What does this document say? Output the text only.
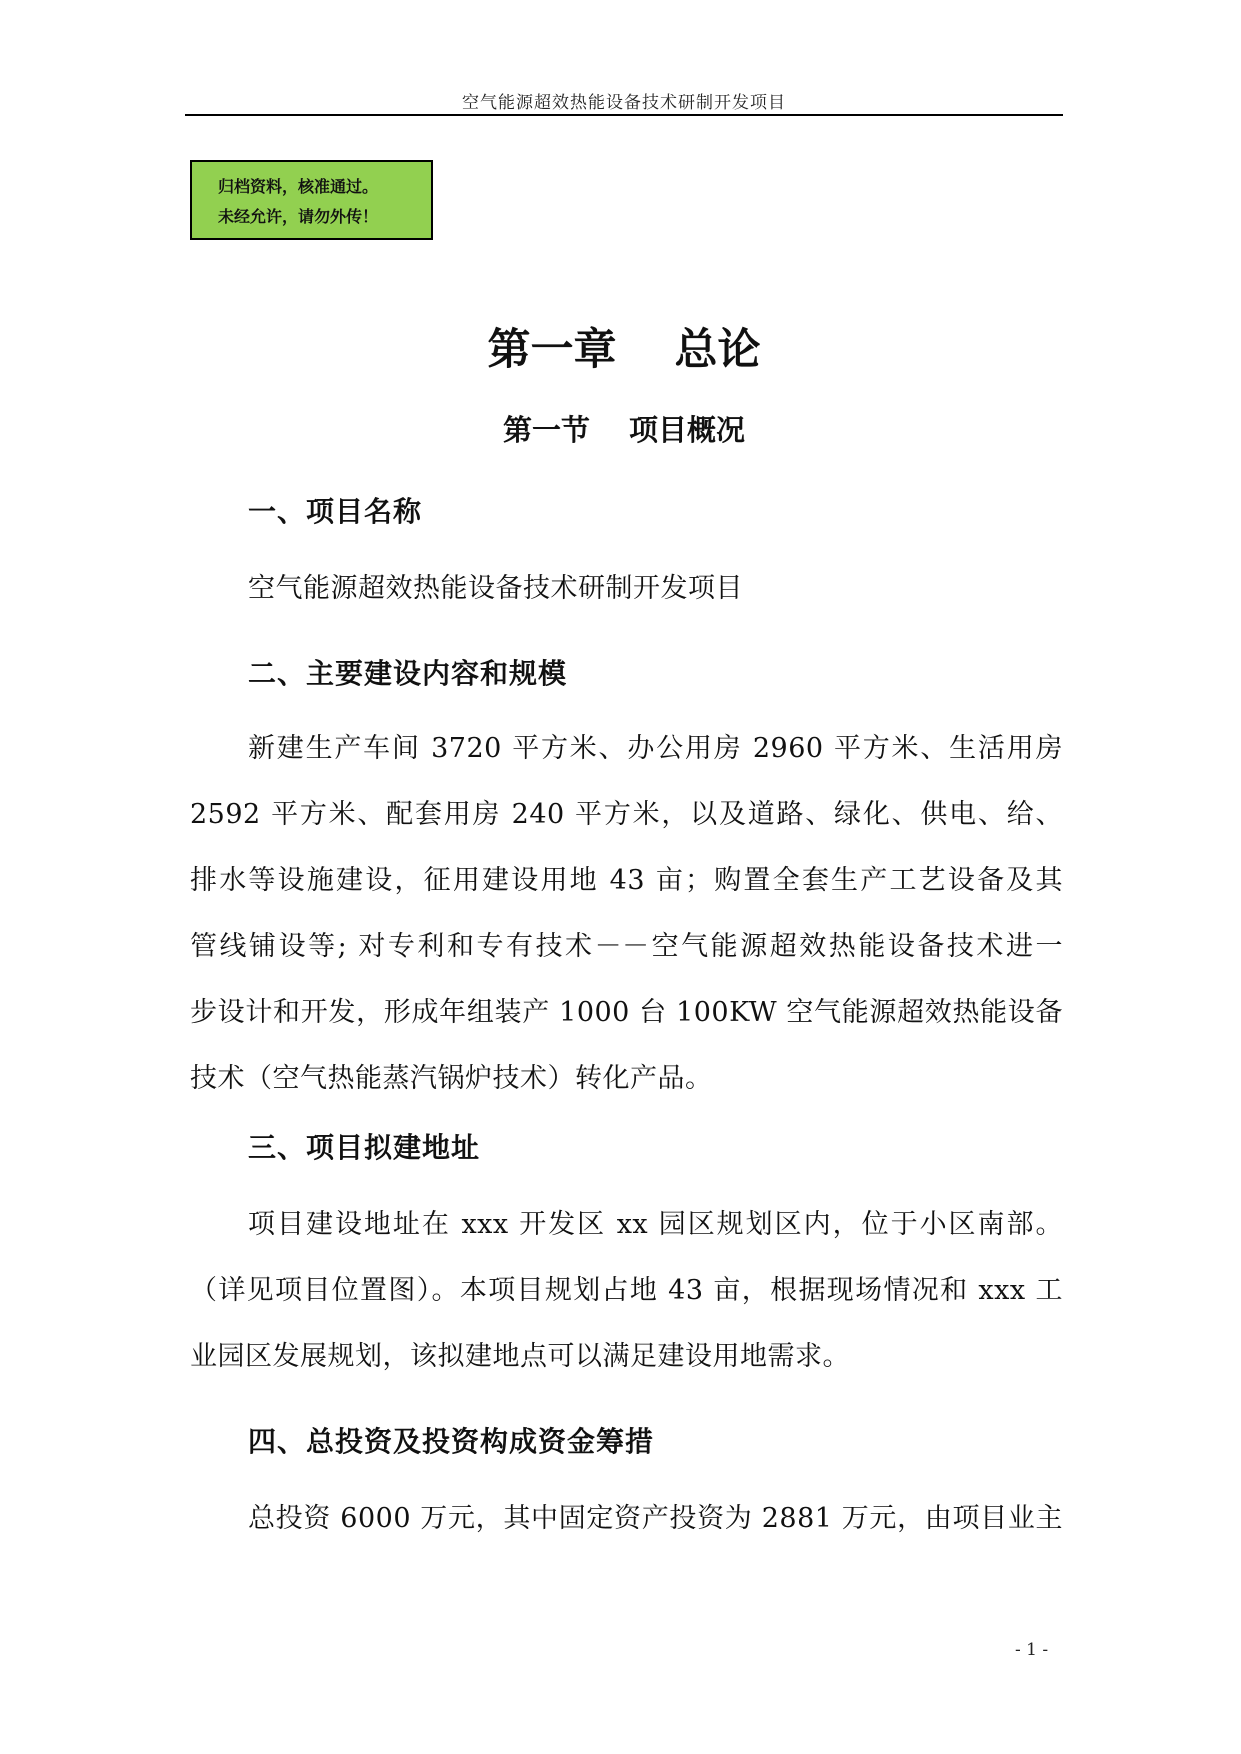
空气能源超效热能设备技术研制开发项目
归档资料，核准通过。
未经允许，请勿外传！
第一章　 总论
第一节　 项目概况
一、项目名称
空气能源超效热能设备技术研制开发项目
二、主要建设内容和规模
新建生产车间 3720 平方米、办公用房 2960 平方米、生活用房
2592 平方米、配套用房 240 平方米，以及道路、绿化、供电、给、
排水等设施建设，征用建设用地 43 亩；购置全套生产工艺设备及其
管线铺设等; 对专利和专有技术－－空气能源超效热能设备技术进一
步设计和开发，形成年组装产 1000 台 100KW 空气能源超效热能设备
技术（空气热能蒸汽锅炉技术）转化产品。
三、项目拟建地址
项目建设地址在 xxx 开发区 xx 园区规划区内，位于小区南部。
（详见项目位置图）。本项目规划占地 43 亩，根据现场情况和 xxx 工
业园区发展规划，该拟建地点可以满足建设用地需求。
四、总投资及投资构成资金筹措
总投资 6000 万元，其中固定资产投资为 2881 万元，由项目业主
- 1 -
